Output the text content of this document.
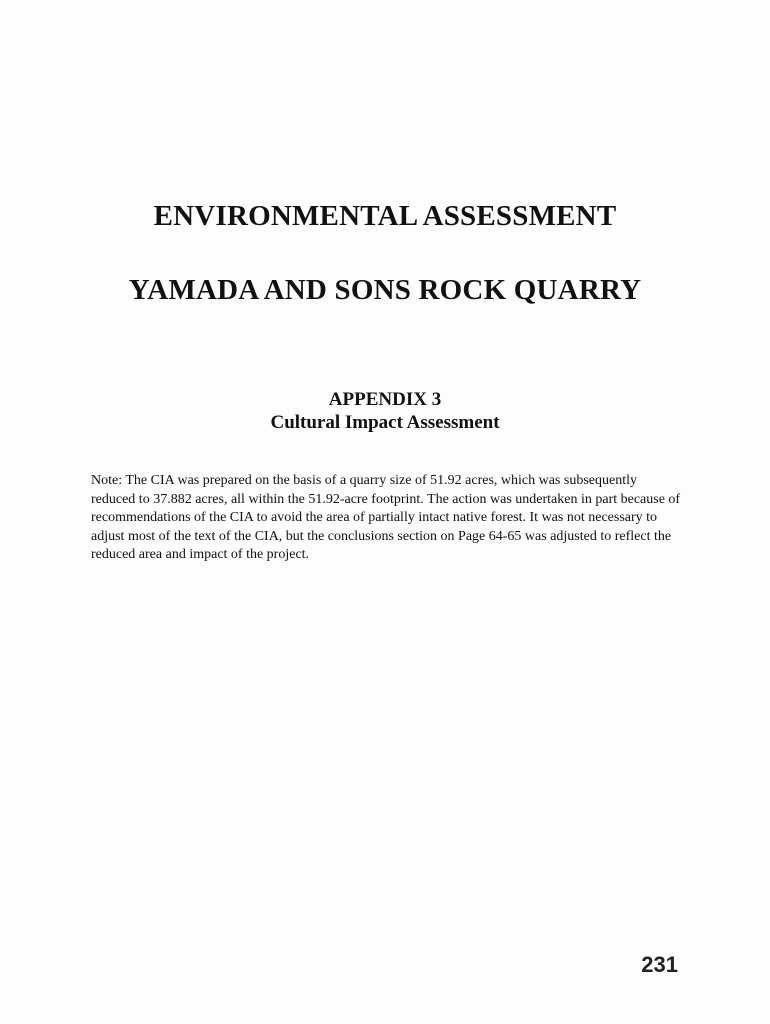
ENVIRONMENTAL ASSESSMENT
YAMADA AND SONS ROCK QUARRY
APPENDIX 3
Cultural Impact Assessment
Note: The CIA was prepared on the basis of a quarry size of 51.92 acres, which was subsequently reduced to 37.882 acres, all within the 51.92-acre footprint. The action was undertaken in part because of recommendations of the CIA to avoid the area of partially intact native forest. It was not necessary to adjust most of the text of the CIA, but the conclusions section on Page 64-65 was adjusted to reflect the reduced area and impact of the project.
231
